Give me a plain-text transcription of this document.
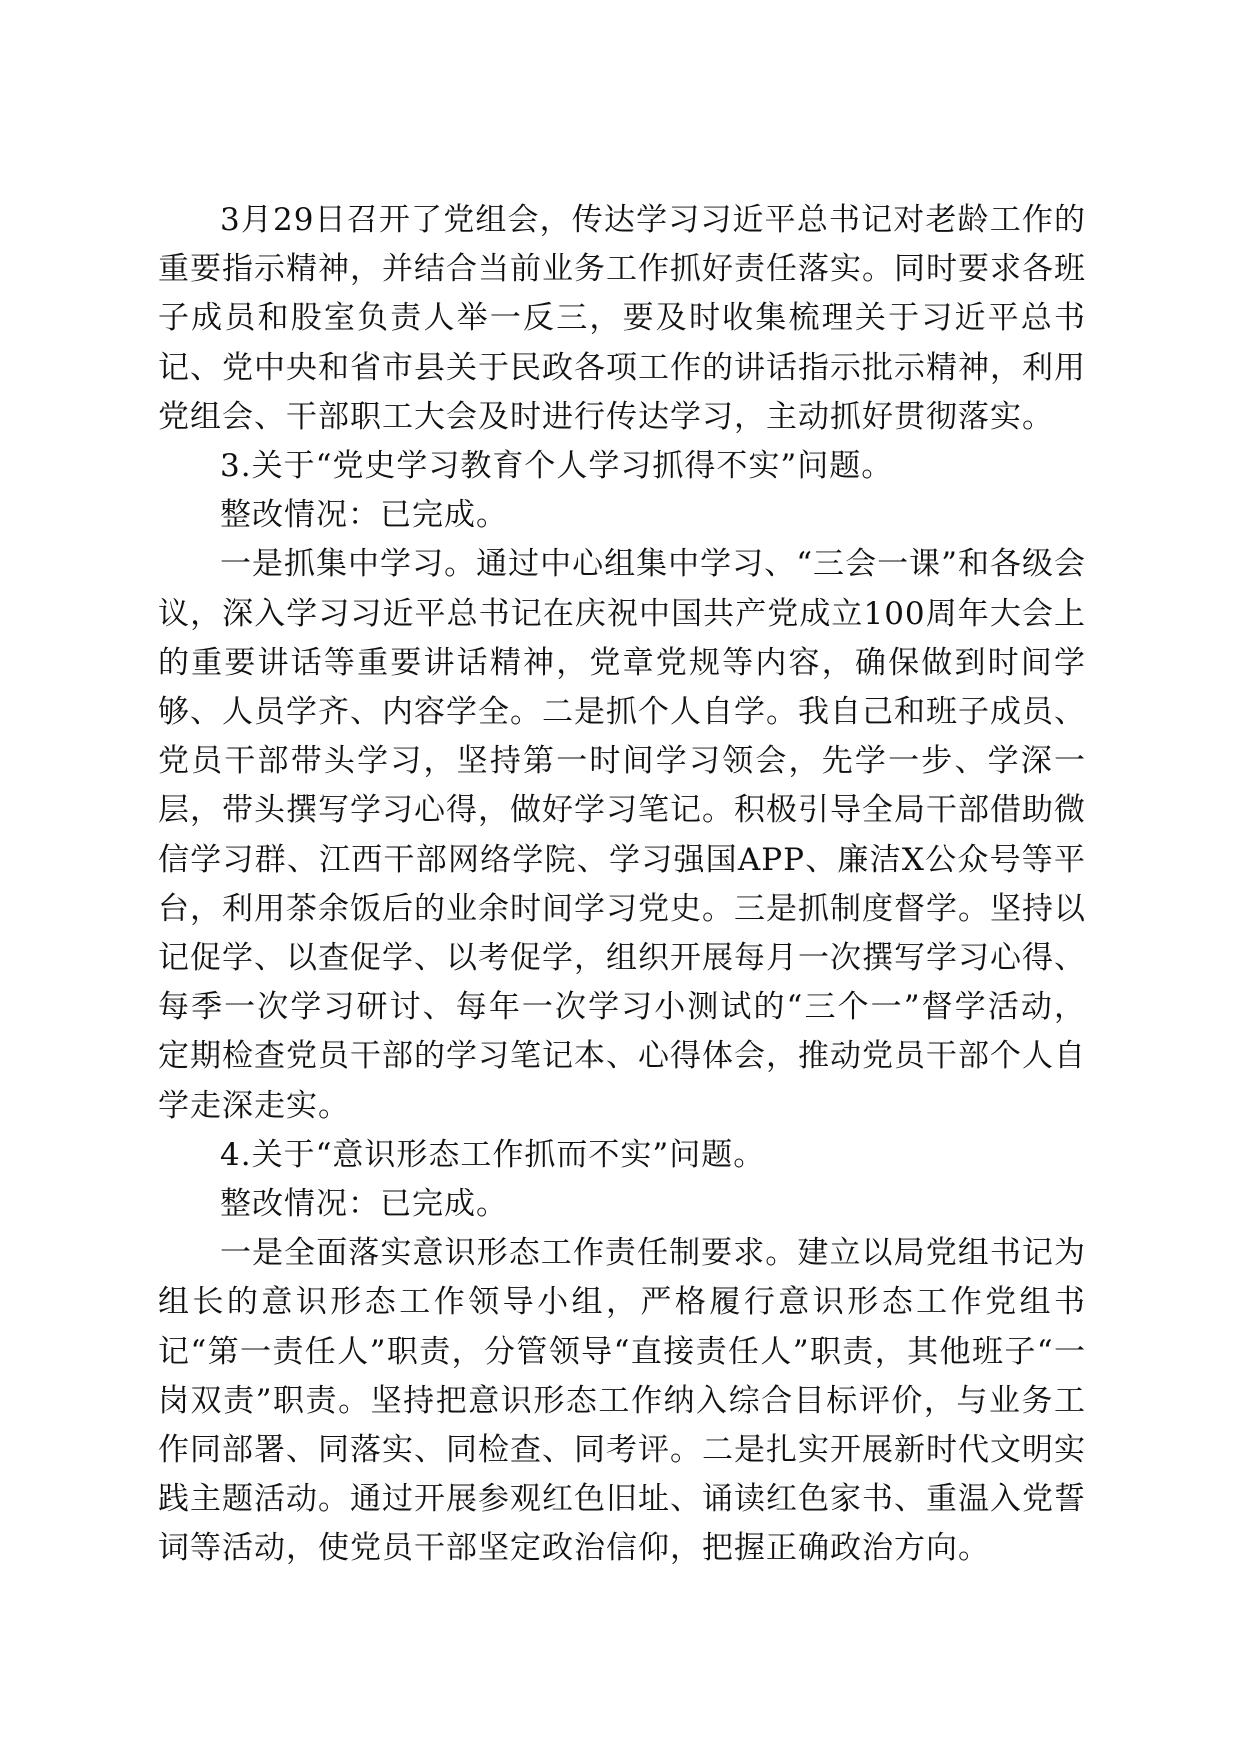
3月29日召开了党组会，传达学习习近平总书记对老龄工作的重要指示精神，并结合当前业务工作抓好责任落实。同时要求各班子成员和股室负责人举一反三，要及时收集梳理关于习近平总书记、党中央和省市县关于民政各项工作的讲话指示批示精神，利用党组会、干部职工大会及时进行传达学习，主动抓好贯彻落实。

3.关于“党史学习教育个人学习抓得不实”问题。

整改情况：已完成。

一是抓集中学习。通过中心组集中学习、“三会一课”和各级会议，深入学习习近平总书记在庆祝中国共产党成立100周年大会上的重要讲话等重要讲话精神，党章党规等内容，确保做到时间学够、人员学齐、内容学全。二是抓个人自学。我自己和班子成员、党员干部带头学习，坚持第一时间学习领会，先学一步、学深一层，带头撰写学习心得，做好学习笔记。积极引导全局干部借助微信学习群、江西干部网络学院、学习强国APP、廉洁X公众号等平台，利用茶余饭后的业余时间学习党史。三是抓制度督学。坚持以记促学、以查促学、以考促学，组织开展每月一次撰写学习心得、每季一次学习研讨、每年一次学习小测试的“三个一”督学活动，定期检查党员干部的学习笔记本、心得体会，推动党员干部个人自学走深走实。

4.关于“意识形态工作抓而不实”问题。

整改情况：已完成。

一是全面落实意识形态工作责任制要求。建立以局党组书记为组长的意识形态工作领导小组，严格履行意识形态工作党组书记“第一责任人”职责，分管领导“直接责任人”职责，其他班子“一岗双责”职责。坚持把意识形态工作纳入综合目标评价，与业务工作同部署、同落实、同检查、同考评。二是扎实开展新时代文明实践主题活动。通过开展参观红色旧址、诵读红色家书、重温入党誓词等活动，使党员干部坚定政治信仰，把握正确政治方向。
